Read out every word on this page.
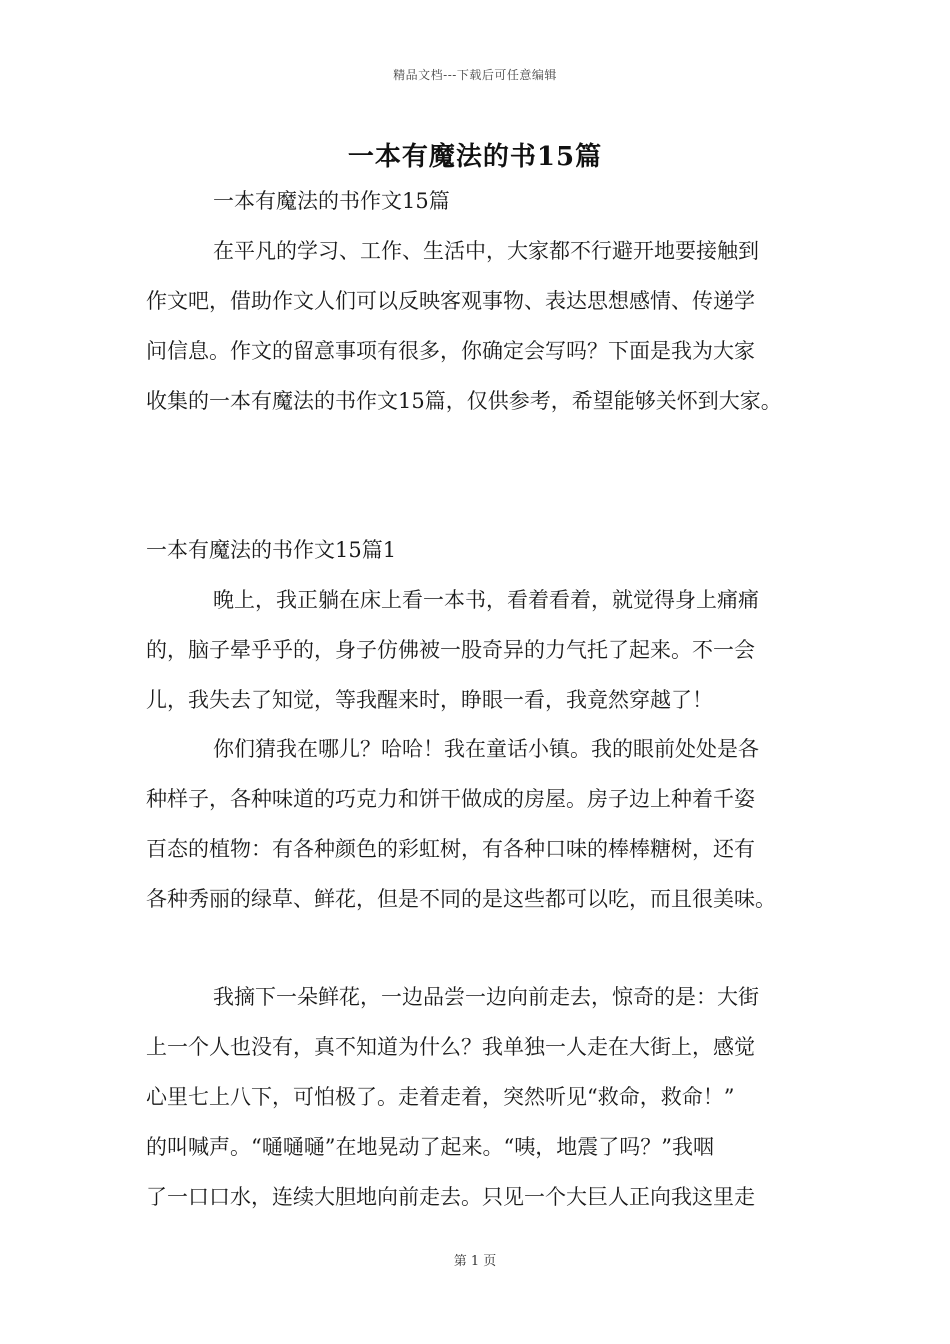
精品文档---下载后可任意编辑
一本有魔法的书15篇
一本有魔法的书作文15篇
在平凡的学习、工作、生活中，大家都不行避开地要接触到
作文吧，借助作文人们可以反映客观事物、表达思想感情、传递学
问信息。作文的留意事项有很多，你确定会写吗？下面是我为大家
收集的一本有魔法的书作文15篇，仅供参考，希望能够关怀到大家。
一本有魔法的书作文15篇1
晚上，我正躺在床上看一本书，看着看着，就觉得身上痛痛
的，脑子晕乎乎的，身子仿佛被一股奇异的力气托了起来。不一会
儿，我失去了知觉，等我醒来时，睁眼一看，我竟然穿越了！
你们猜我在哪儿？哈哈！我在童话小镇。我的眼前处处是各
种样子，各种味道的巧克力和饼干做成的房屋。房子边上种着千姿
百态的植物：有各种颜色的彩虹树，有各种口味的棒棒糖树，还有
各种秀丽的绿草、鲜花，但是不同的是这些都可以吃，而且很美味。
我摘下一朵鲜花，一边品尝一边向前走去，惊奇的是：大街
上一个人也没有，真不知道为什么？我单独一人走在大街上，感觉
心里七上八下，可怕极了。走着走着，突然听见“救命，救命！”
的叫喊声。“嗵嗵嗵”在地晃动了起来。“咦，地震了吗？”我咽
了一口口水，连续大胆地向前走去。只见一个大巨人正向我这里走
第 1 页
